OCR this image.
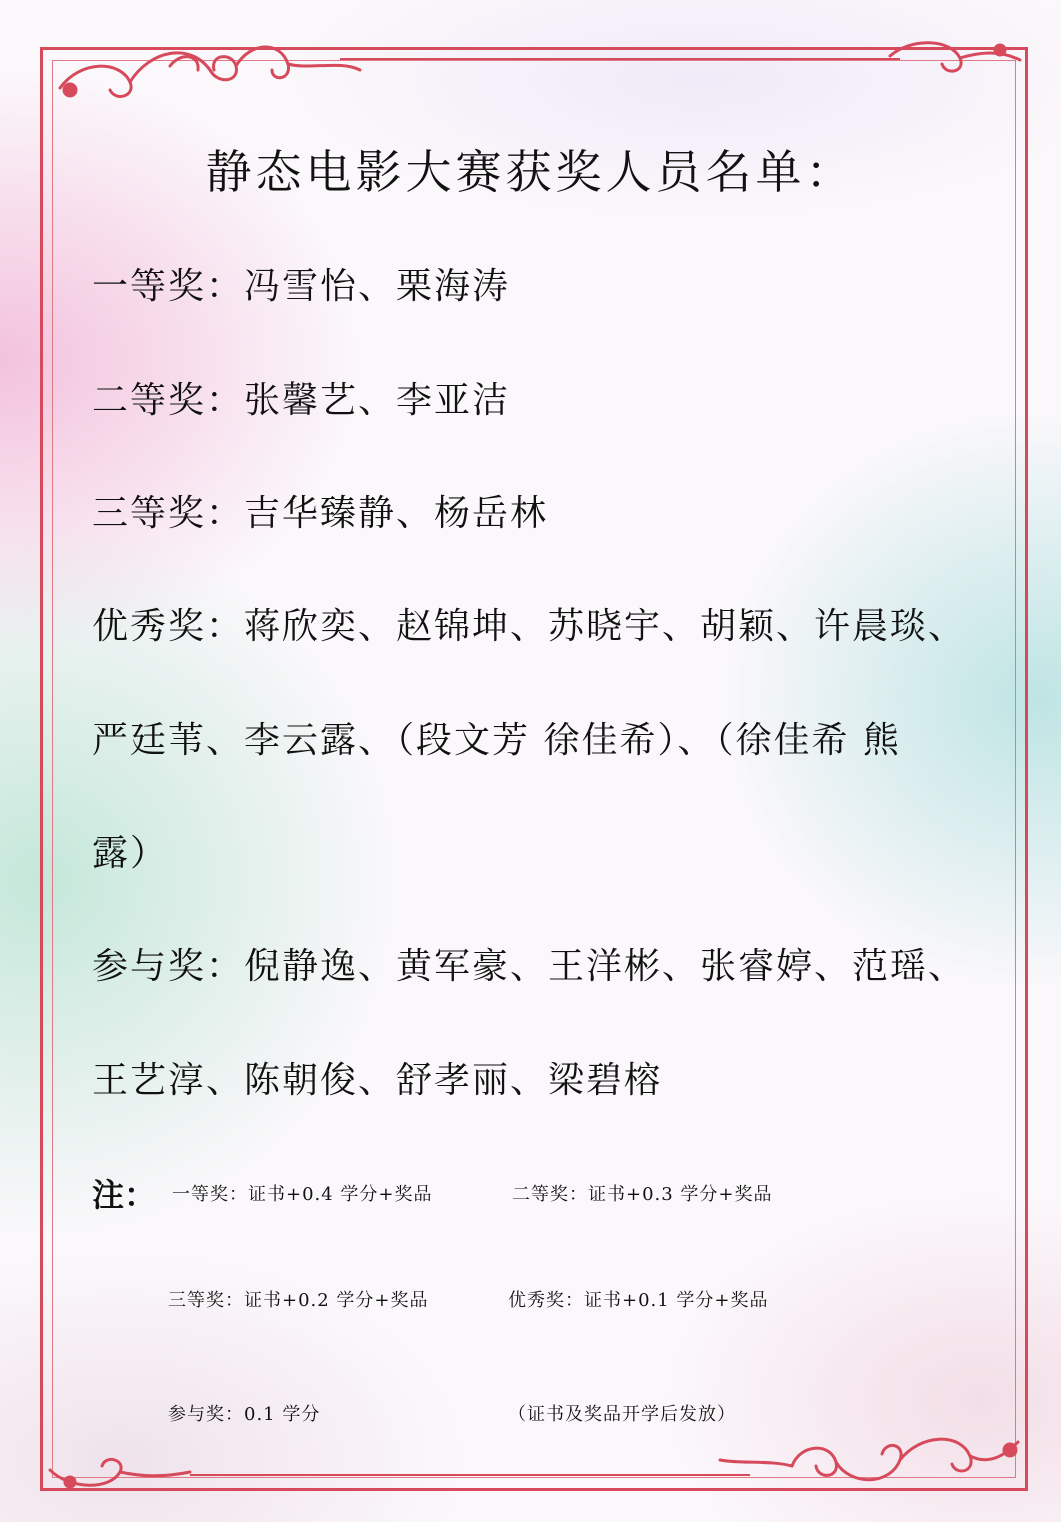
静态电影大赛获奖人员名单：
一等奖：冯雪怡、栗海涛
二等奖：张馨艺、李亚洁
三等奖：吉华臻静、杨岳林
优秀奖：蒋欣奕、赵锦坤、苏晓宇、胡颖、许晨琰、
严廷苇、李云露、（段文芳 徐佳希）、（徐佳希 熊
露）
参与奖：倪静逸、黄军豪、王洋彬、张睿婷、范瑶、
王艺淳、陈朝俊、舒孝丽、梁碧榕
注： 一等奖：证书+0.4 学分+奖品	二等奖：证书+0.3 学分+奖品
三等奖：证书+0.2 学分+奖品	优秀奖：证书+0.1 学分+奖品
参与奖：0.1 学分	（证书及奖品开学后发放）
